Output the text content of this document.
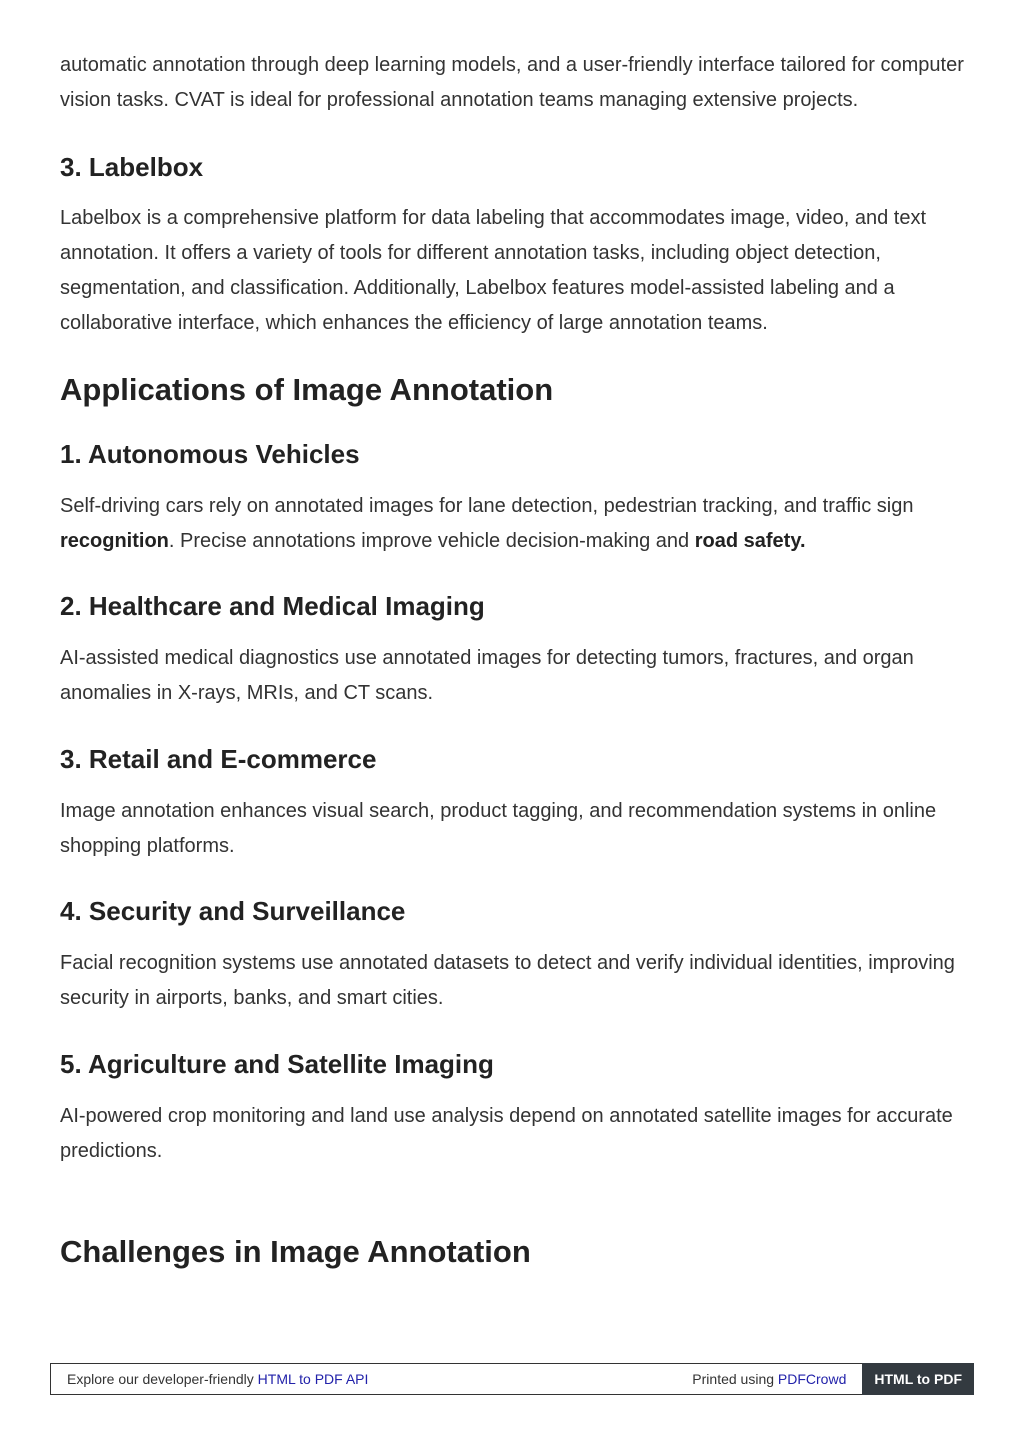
automatic annotation through deep learning models, and a user-friendly interface tailored for computer vision tasks. CVAT is ideal for professional annotation teams managing extensive projects.

3. Labelbox

Labelbox is a comprehensive platform for data labeling that accommodates image, video, and text annotation. It offers a variety of tools for different annotation tasks, including object detection, segmentation, and classification. Additionally, Labelbox features model-assisted labeling and a collaborative interface, which enhances the efficiency of large annotation teams.

Applications of Image Annotation
1. Autonomous Vehicles

Self-driving cars rely on annotated images for lane detection, pedestrian tracking, and traffic sign recognition. Precise annotations improve vehicle decision-making and road safety.

2. Healthcare and Medical Imaging

AI-assisted medical diagnostics use annotated images for detecting tumors, fractures, and organ anomalies in X-rays, MRIs, and CT scans.

3. Retail and E-commerce

Image annotation enhances visual search, product tagging, and recommendation systems in online shopping platforms.

4. Security and Surveillance

Facial recognition systems use annotated datasets to detect and verify individual identities, improving security in airports, banks, and smart cities.

5. Agriculture and Satellite Imaging

AI-powered crop monitoring and land use analysis depend on annotated satellite images for accurate predictions.

Challenges in Image Annotation
Explore our developer-friendly HTML to PDF API	Printed using PDFCrowd	HTML to PDF
